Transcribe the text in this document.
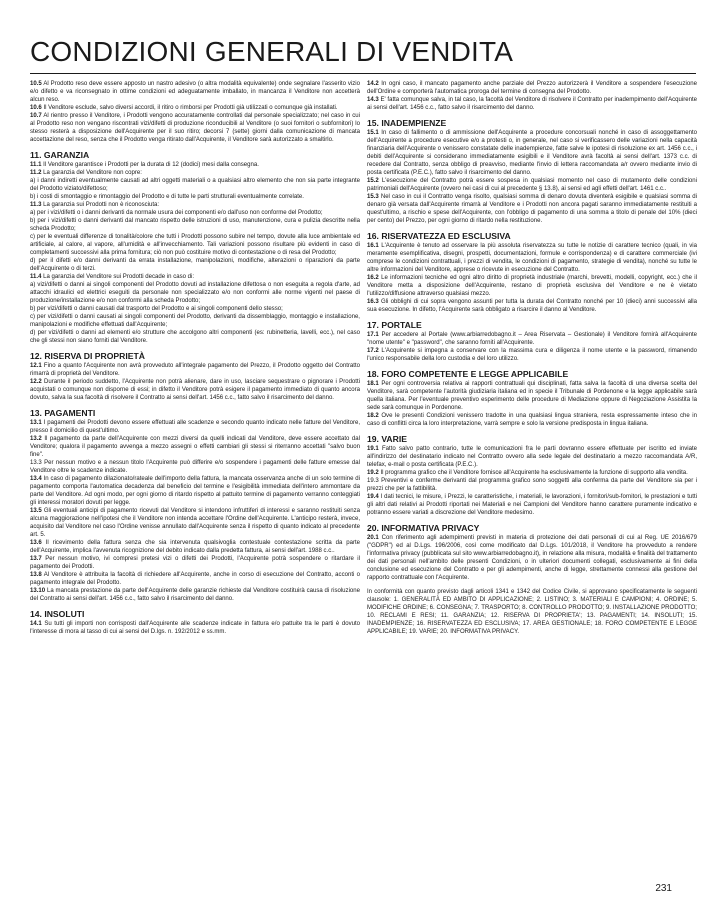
CONDIZIONI GENERALI DI VENDITA

10.5 Al Prodotto reso deve essere apposto un nastro adesivo (o altra modalità equivalente) onde segnalare l'asserito vizio e/o difetto e va riconsegnato in ottime condizioni ed adeguatamente imballato, in mancanza il Venditore non accetterà alcun reso.

10.6 Il Venditore esclude, salvo diversi accordi, il ritiro o rimborsi per Prodotti già utilizzati o comunque già installati.

10.7 Al rientro presso il Venditore, i Prodotti vengono accuratamente controllati dal personale specializzato; nel caso in cui al Prodotto reso non vengano riscontrati vizi/difetti di produzione riconducibili al Venditore (o suoi fornitori o subfornitori) lo stesso resterà a disposizione dell'Acquirente per il suo ritiro; decorsi 7 (sette) giorni dalla comunicazione di mancata accettazione del reso, senza che il Prodotto venga ritirato dall'Acquirente, il Venditore sarà autorizzato a smaltirlo.

11. GARANZIA

11.1 Il Venditore garantisce i Prodotti per la durata di 12 (dodici) mesi dalla consegna.

11.2 La garanzia del Venditore non copre:

a) i danni indiretti eventualmente causati ad altri oggetti materiali o a qualsiasi altro elemento che non sia parte integrante del Prodotto viziato/difettoso;

b) i costi di smontaggio e rimontaggio del Prodotto e di tutte le parti strutturali eventualmente correlate.

11.3 La garanzia sui Prodotti non è riconosciuta:

a) per i vizi/difetti o i danni derivanti da normale usura dei componenti e/o dall'uso non conforme del Prodotto;

b) per i vizi/difetti o danni derivanti dal mancato rispetto delle istruzioni di uso, manutenzione, cura e pulizia descritte nella scheda Prodotto;

c) per le eventuali differenze di tonalità/colore che tutti i Prodotti possono subire nel tempo, dovute alla luce ambientale ed artificiale, al calore, al vapore, all'umidità e all'invecchiamento. Tali variazioni possono risultare più evidenti in caso di completamenti successivi alla prima fornitura; ciò non può costituire motivo di contestazione o di resa del Prodotto;

d) per il difetti e/o danni derivanti da errata installazione, manipolazioni, modifiche, alterazioni o riparazioni da parte dell'Acquirente o di terzi.

11.4 La garanzia del Venditore sui Prodotti decade in caso di:

a) vizi/difetti o danni ai singoli componenti del Prodotto dovuti ad installazione difettosa o non eseguita a regola d'arte, ad attacchi idraulici ed elettrici eseguiti da personale non specializzato e/o non conformi alle norme vigenti nel paese di produzione/installazione e/o non conformi alla scheda Prodotto;

b) per vizi/difetti o danni causati dal trasporto del Prodotto e ai singoli componenti dello stesso;

c) per vizi/difetti o danni causati ai singoli componenti del Prodotto, derivanti da dissemblaggio, montaggio e installazione, manipolazioni e modifiche effettuati dall'Acquirente;

d) per vizi/difetti o danni ad elementi e/o strutture che accolgono altri componenti (es: rubinetteria, lavelli, ecc.), nel caso che gli stessi non siano forniti dal Venditore.

12. RISERVA DI PROPRIETÀ

12.1 Fino a quanto l'Acquirente non avrà provveduto all'integrale pagamento del Prezzo, il Prodotto oggetto del Contratto rimarrà di proprietà del Venditore.

12.2 Durante il periodo suddetto, l'Acquirente non potrà alienare, dare in uso, lasciare sequestrare o pignorare i Prodotti acquistati o comunque non disporne di essi; in difetto il Venditore potrà esigere il pagamento immediato di quanto ancora dovuto, salva la sua facoltà di risolvere il Contratto ai sensi dell'art. 1456 c.c., fatto salvo il risarcimento del danno.

13. PAGAMENTI

13.1 I pagamenti dei Prodotti devono essere effettuati alle scadenze e secondo quanto indicato nelle fatture del Venditore, presso il domicilio di quest'ultimo.

13.2 Il pagamento da parte dell'Acquirente con mezzi diversi da quelli indicati dal Venditore, deve essere accettato dal Venditore; qualora il pagamento avvenga a mezzo assegni o effetti cambiari gli stessi si riterranno accettati "salvo buon fine".

13.3 Per nessun motivo e a nessun titolo l'Acquirente può differire e/o sospendere i pagamenti delle fatture emesse dal Venditore oltre le scadenze indicate.

13.4 In caso di pagamento dilazionato/rateale dell'importo della fattura, la mancata osservanza anche di un solo termine di pagamento comporta l'automatica decadenza dal beneficio del termine e l'esigibilità immediata dell'intero ammontare da parte del Venditore. Ad ogni modo, per ogni giorno di ritardo rispetto al pattuito termine di pagamento verranno conteggiati gli interessi moratori dovuti per legge.

13.5 Gli eventuali anticipi di pagamento ricevuti dal Venditore si intendono infruttiferi di interessi e saranno restituiti senza alcuna maggiorazione nell'ipotesi che il Venditore non intenda accettare l'Ordine dell'Acquirente. L'anticipo resterà, invece, acquisito dal Venditore nel caso l'Ordine venisse annullato dall'Acquirente senza il rispetto di quanto indicato al precedente art. 5.

13.6 Il ricevimento della fattura senza che sia intervenuta qualsivoglia contestuale contestazione scritta da parte dell'Acquirente, implica l'avvenuta ricognizione del debito indicato dalla predetta fattura, ai sensi dell'art. 1988 c.c..

13.7 Per nessun motivo, ivi compresi pretesi vizi o difetti dei Prodotti, l'Acquirente potrà sospendere o ritardare il pagamento dei Prodotti.

13.8 Al Venditore è attribuita la facoltà di richiedere all'Acquirente, anche in corso di esecuzione del Contratto, acconti o pagamento integrale del Prodotto.

13.10 La mancata prestazione da parte dell'Acquirente delle garanzie richieste dal Venditore costituirà causa di risoluzione del Contratto ai sensi dell'art. 1456 c.c., fatto salvo il risarcimento del danno.

14. INSOLUTI

14.1 Su tutti gli importi non corrisposti dall'Acquirente alle scadenze indicate in fattura e/o pattuite tra le parti è dovuto l'interesse di mora al tasso di cui ai sensi del D.lgs. n. 192/2012 e ss.mm.

14.2 In ogni caso, il mancato pagamento anche parziale del Prezzo autorizzerà il Venditore a sospendere l'esecuzione dell'Ordine e comporterà l'automatica proroga del termine di consegna del Prodotto.

14.3 E' fatta comunque salva, in tal caso, la facoltà del Venditore di risolvere il Contratto per inadempimento dell'Acquirente ai sensi dell'art. 1456 c.c., fatto salvo il risarcimento del danno.

15. INADEMPIENZE

15.1 In caso di fallimento o di ammissione dell'Acquirente a procedure concorsuali nonché in caso di assoggettamento dell'Acquirente a procedure esecutive e/o a protesti o, in generale, nel caso si verificassero delle variazioni nella capacità finanziaria dell'Acquirente o venissero constatate delle inadempienze, fatte salve le ipotesi di risoluzione ex art. 1456 c.c., i debiti dell'Acquirente si considerano immediatamente esigibili e il Venditore avrà facoltà ai sensi dell'art. 1373 c.c. di recedere dal Contratto, senza obbligo di preavviso, mediante l'invio di lettera raccomandata a/r ovvero mediante invio di posta certificata (P.E.C.), fatto salvo il risarcimento del danno.

15.2 L'esecuzione del Contratto potrà essere sospesa in qualsiasi momento nel caso di mutamento delle condizioni patrimoniali dell'Acquirente (ovvero nei casi di cui al precedente § 13.8), ai sensi ed agli effetti dell'art. 1461 c.c..

15.3 Nel caso in cui il Contratto venga risolto, qualsiasi somma di denaro dovuta diventerà esigibile e qualsiasi somma di denaro già versata dall'Acquirente rimarrà al Venditore e i Prodotti non ancora pagati saranno immediatamente restituiti a quest'ultimo, a rischio e spese dell'Acquirente, con l'obbligo di pagamento di una somma a titolo di penale del 10% (dieci per cento) del Prezzo, per ogni giorno di ritardo nella restituzione.

16. RISERVATEZZA ED ESCLUSIVA

16.1 L'Acquirente è tenuto ad osservare la più assoluta riservatezza su tutte le notizie di carattere tecnico (quali, in via meramente esemplificativa, disegni, prospetti, documentazioni, formule e corrispondenza) e di carattere commerciale (ivi comprese le condizioni contrattuali, i prezzi di vendita, le condizioni di pagamento, strategie di vendita), nonché su tutte le altre informazioni del Venditore, apprese o ricevute in esecuzione del Contratto.

16.2 Le informazioni tecniche ed ogni altro diritto di proprietà industriale (marchi, brevetti, modelli, copyright, ecc.) che il Venditore metta a disposizione dell'Acquirente, restano di proprietà esclusiva del Venditore e ne è vietato l'utilizzo/diffusione attraverso qualsiasi mezzo.

16.3 Gli obblighi di cui sopra vengono assunti per tutta la durata del Contratto nonché per 10 (dieci) anni successivi alla sua esecuzione. In difetto, l'Acquirente sarà obbligato a risarcire il danno al Venditore.

17. PORTALE

17.1 Per accedere al Portale (www.arbiarredobagno.it – Area Riservata – Gestionale) il Venditore fornirà all'Acquirente "nome utente" e "password", che saranno forniti all'Acquirente.

17.2 L'Acquirente si impegna a conservare con la massima cura e diligenza il nome utente e la password, rimanendo l'unico responsabile della loro custodia e del loro utilizzo.

18. FORO COMPETENTE E LEGGE APPLICABILE

18.1 Per ogni controversia relativa ai rapporti contrattuali qui disciplinati, fatta salva la facoltà di una diversa scelta del Venditore, sarà competente l'autorità giudiziaria italiana ed in specie il Tribunale di Pordenone e la legge applicabile sarà quella italiana. Per l'eventuale preventivo esperimento delle procedure di Mediazione oppure di Negoziazione Assistita la sede sarà comunque in Pordenone.

18.2 Ove le presenti Condizioni venissero tradotte in una qualsiasi lingua straniera, resta espressamente inteso che in caso di conflitti circa la loro interpretazione, varrà sempre e solo la versione predisposta in lingua italiana.

19. VARIE

19.1 Fatto salvo patto contrario, tutte le comunicazioni fra le parti dovranno essere effettuate per iscritto ed inviate all'indirizzo del destinatario indicato nel Contratto ovvero alla sede legale del destinatario a mezzo raccomandata A/R, telefax, e-mail o posta certificata (P.E.C.).

19.2 Il programma grafico che il Venditore fornisce all'Acquirente ha esclusivamente la funzione di supporto alla vendita.

19.3 Preventivi e conferme derivanti dal programma grafico sono soggetti alla conferma da parte del Venditore sia per i prezzi che per la fattibilità.

19.4 I dati tecnici, le misure, i Prezzi, le caratteristiche, i materiali, le lavorazioni, i fornitori/sub-fornitori, le prestazioni e tutti gli altri dati relativi ai Prodotti riportati nei Materiali e nei Campioni del Venditore hanno carattere puramente indicativo e potranno essere variati a discrezione del Venditore medesimo.

20. INFORMATIVA PRIVACY

20.1 Con riferimento agli adempimenti previsti in materia di protezione dei dati personali di cui al Reg. UE 2016/679 ("GDPR") ed al D.Lgs. 196/2006, così come modificato dal D.Lgs. 101/2018, il Venditore ha provveduto a rendere l'informativa privacy (pubblicata sul sito www.arbiarredobagno.it), in relazione alla misura, modalità e finalità del trattamento dei dati personali nell'ambito delle presenti Condizioni, o in ulteriori documenti collegati, esclusivamente ai fini della conclusione ed esecuzione del Contratto e per gli adempimenti, anche di legge, strettamente connessi alla gestione del rapporto contrattuale con l'Acquirente.

In conformità con quanto previsto dagli articoli 1341 e 1342 del Codice Civile, si approvano specificatamente le seguenti clausole: 1. GENERALITÀ ED AMBITO DI APPLICAZIONE; 2. LISTINO; 3. MATERIALI E CAMPIONI; 4. ORDINE; 5. MODIFICHE ORDINE; 6. CONSEGNA; 7. TRASPORTO; 8. CONTROLLO PRODOTTO; 9. INSTALLAZIONE PRODOTTO; 10. RECLAMI E RESI; 11. GARANZIA; 12. RISERVA DI PROPRIETA'; 13. PAGAMENTI; 14. INSOLUTI; 15. INADEMPIENZE; 16. RISERVATEZZA ED ESCLUSIVA; 17. AREA GESTIONALE; 18. FORO COMPETENTE E LEGGE APPLICABILE; 19. VARIE; 20. INFORMATIVA PRIVACY.

231
